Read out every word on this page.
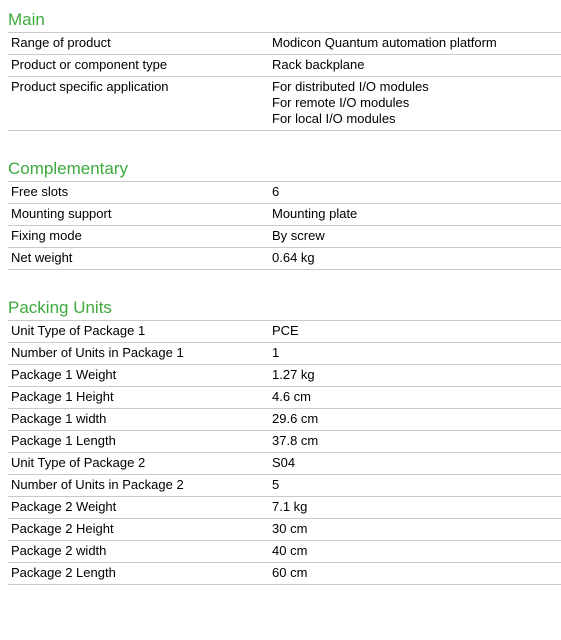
Main
Range of product	Modicon Quantum automation platform
Product or component type	Rack backplane
Product specific application	For distributed I/O modules
For remote I/O modules
For local I/O modules
Complementary
Free slots	6
Mounting support	Mounting plate
Fixing mode	By screw
Net weight	0.64 kg
Packing Units
Unit Type of Package 1	PCE
Number of Units in Package 1	1
Package 1 Weight	1.27 kg
Package 1 Height	4.6 cm
Package 1 width	29.6 cm
Package 1 Length	37.8 cm
Unit Type of Package 2	S04
Number of Units in Package 2	5
Package 2 Weight	7.1 kg
Package 2 Height	30 cm
Package 2 width	40 cm
Package 2 Length	60 cm
